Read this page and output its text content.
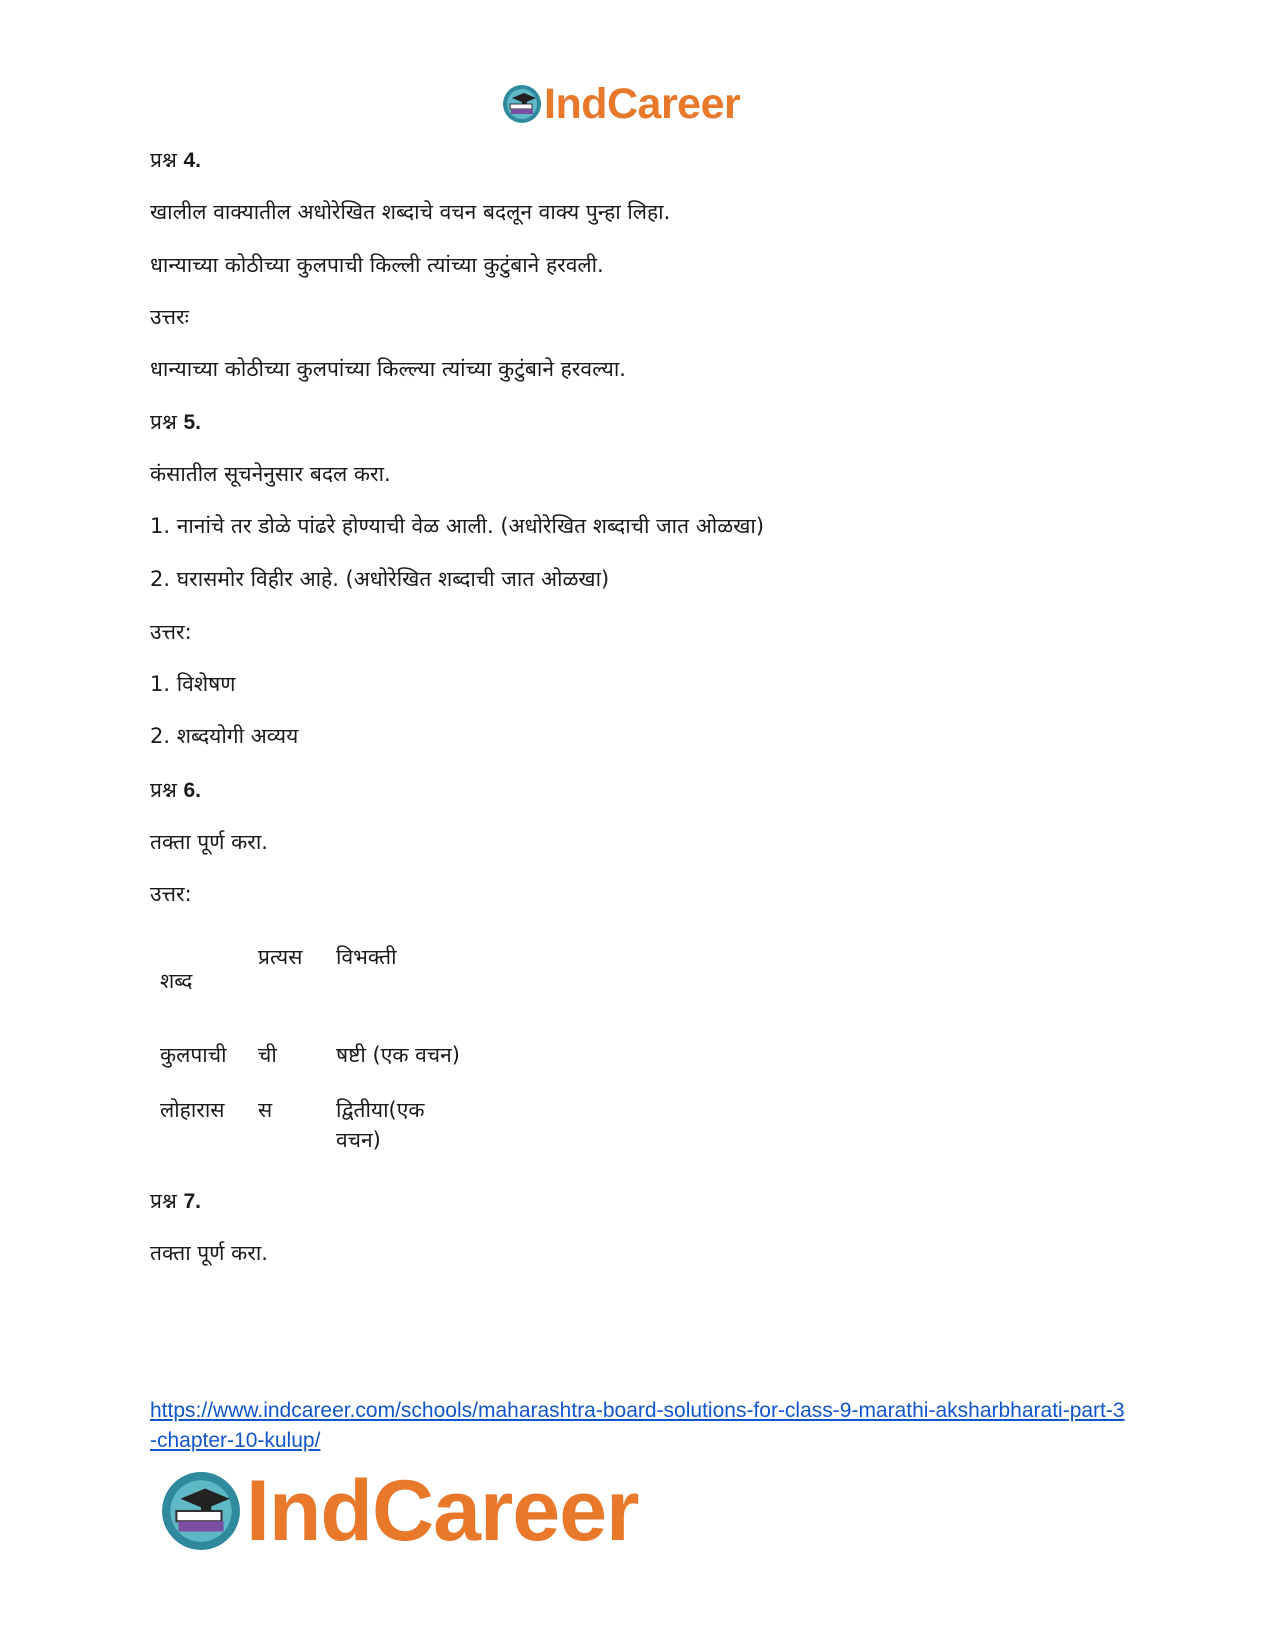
IndCareer
प्रश्न 4.
खालील वाक्यातील अधोरेखित शब्दाचे वचन बदलून वाक्य पुन्हा लिहा.
धान्याच्या कोठीच्या कुलपाची किल्ली त्यांच्या कुटुंबाने हरवली.
उत्तरः
धान्याच्या कोठीच्या कुलपांच्या किल्ल्या त्यांच्या कुटुंबाने हरवल्या.
प्रश्न 5.
कंसातील सूचनेनुसार बदल करा.
1. नानांचे तर डोळे पांढरे होण्याची वेळ आली. (अधोरेखित शब्दाची जात ओळखा)
2. घरासमोर विहीर आहे. (अधोरेखित शब्दाची जात ओळखा)
उत्तर:
1. विशेषण
2. शब्दयोगी अव्यय
प्रश्न 6.
तक्ता पूर्ण करा.
उत्तर:
शब्द
प्रत्यस विभक्ती
कुलपाची ची	षष्टी (एक वचन)
लोहारास स	द्वितीया(एक
वचन)
प्रश्न 7.
तक्ता पूर्ण करा.
https://www.indcareer.com/schools/maharashtra-board-solutions-for-class-9-marathi-aksharbharati-part-3-chapter-10-kulup/
IndCareer
